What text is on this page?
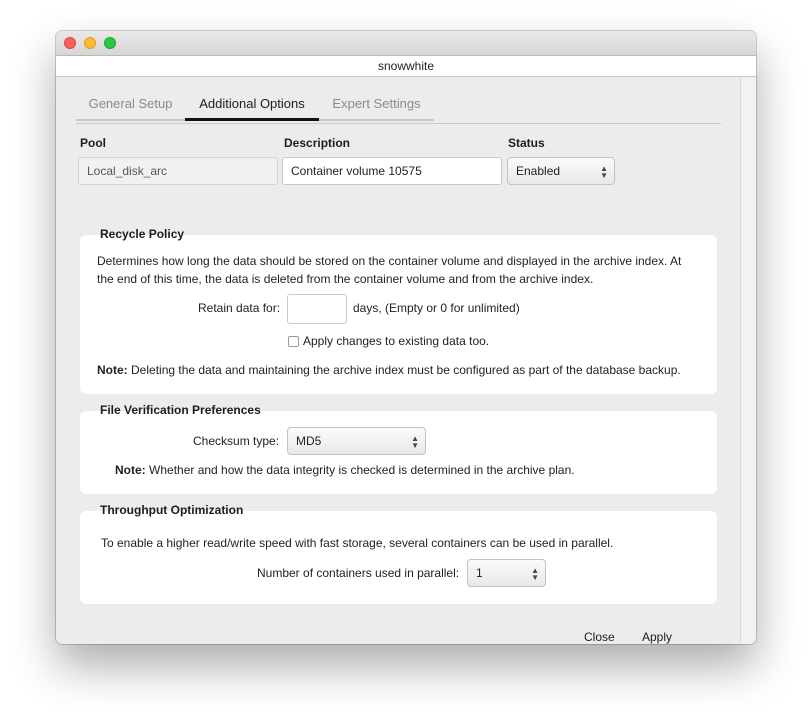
snowwhite
General Setup	Additional Options	Expert Settings
Pool	Description	Status
Local_disk_arc	Container volume 10575	Enabled	▲
▼
Recycle Policy
Determines how long the data should be stored on the container volume and displayed in the archive index. At
the end of this time, the data is deleted from the container volume and from the archive index.
Retain data for:	days, (Empty or 0 for unlimited)
Apply changes to existing data too.
Note: Deleting the data and maintaining the archive index must be configured as part of the database backup.
File Verification Preferences
Checksum type:	MD5	▲
▼
Note: Whether and how the data integrity is checked is determined in the archive plan.
Throughput Optimization
To enable a higher read/write speed with fast storage, several containers can be used in parallel.
Number of containers used in parallel:	1	▲
▼
Close Apply
